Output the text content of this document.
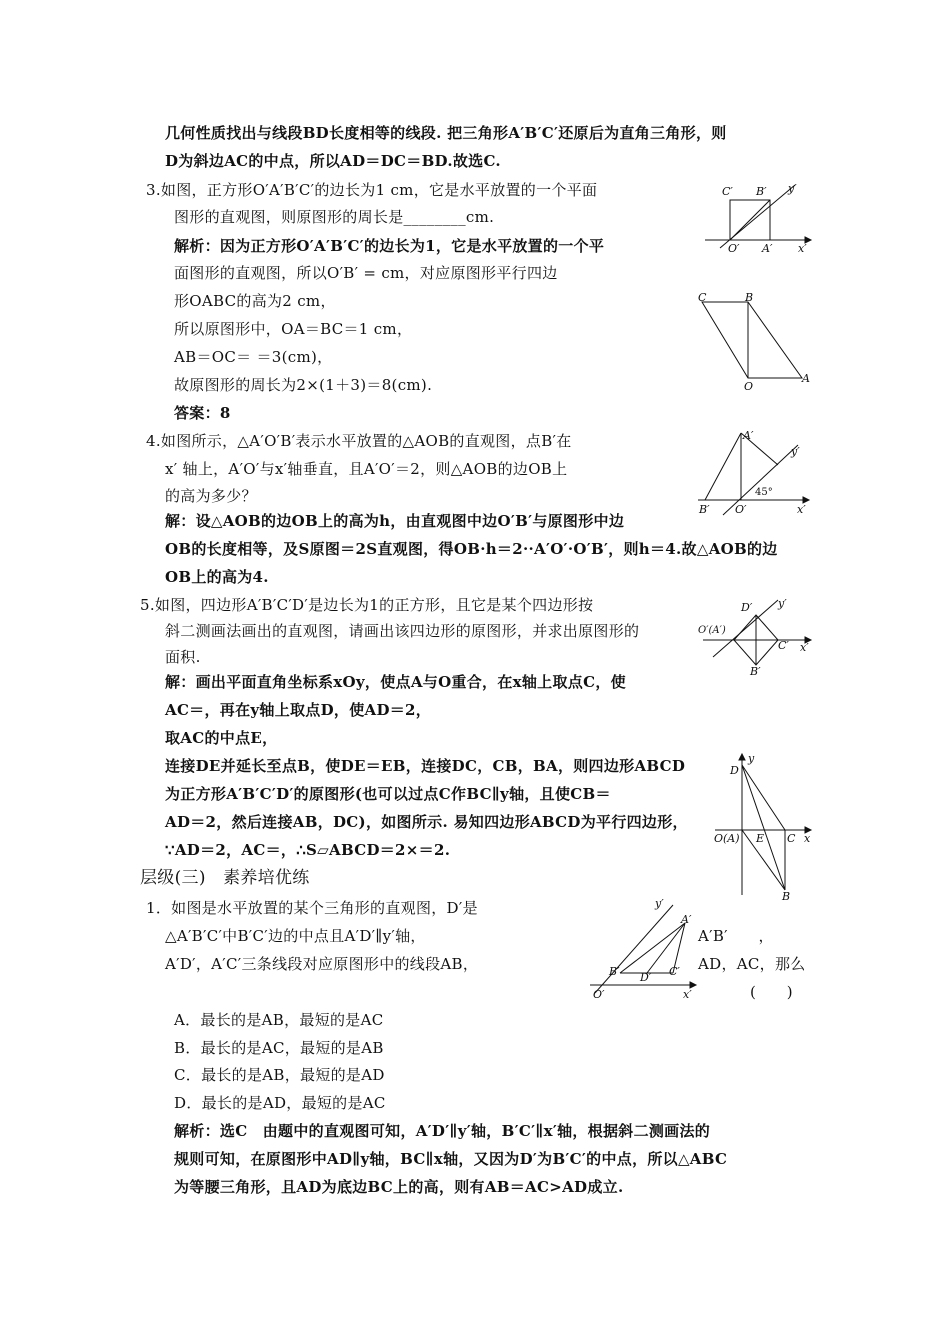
几何性质找出与线段BD长度相等的线段. 把三角形A′B′C′还原后为直角三角形，则
D为斜边AC的中点，所以AD＝DC＝BD.故选C.
3.如图，正方形O′A′B′C′的边长为1 cm，它是水平放置的一个平面
图形的直观图，则原图形的周长是________cm.
解析：因为正方形O′A′B′C′的边长为1，它是水平放置的一个平
面图形的直观图，所以O′B′ = cm，对应原图形平行四边
形OABC的高为2 cm，
所以原图形中，OA＝BC＝1 cm，
AB＝OC＝ ＝3(cm)，
故原图形的周长为2×(1＋3)＝8(cm).
答案：8
C′ B′ y′
O′ A′ x′
C	B
O
A
4.如图所示，△A′O′B′表示水平放置的△AOB的直观图，点B′在
x′ 轴上，A′O′与x′轴垂直，且A′O′＝2，则△AOB的边OB上
的高为多少？
解：设△AOB的边OB上的高为h，由直观图中边O′B′与原图形中边
OB的长度相等，及S原图＝2S直观图，得OB·h＝2··A′O′·O′B′，则h＝4.故△AOB的边
OB上的高为4.
A′
y′
45°
B′ O′	x′
5.如图，四边形A′B′C′D′是边长为1的正方形，且它是某个四边形按
斜二测画法画出的直观图，请画出该四边形的原图形，并求出原图形的
面积.
解：画出平面直角坐标系xOy，使点A与O重合，在x轴上取点C，使
AC＝，再在y轴上取点D，使AD＝2，
取AC的中点E，
连接DE并延长至点B，使DE＝EB，连接DC，CB，BA，则四边形ABCD
为正方形A′B′C′D′的原图形(也可以过点C作BC∥y轴，且使CB＝
AD＝2，然后连接AB，DC)，如图所示. 易知四边形ABCD为平行四边形，
∵AD＝2，AC＝，∴S▱ABCD＝2×＝2.
D′ y′
O′(A′)
C′ x′
B′
y
D
O(A) E C x
B
层级(三)　素养培优练
1．如图是水平放置的某个三角形的直观图，D′是
△A′B′C′中B′C′边的中点且A′D′∥y′轴，	A′B′　　，
A′D′，A′C′三条线段对应原图形中的线段AB，	AD，AC，那么
(　　)
A．最长的是AB，最短的是AC
B．最长的是AC，最短的是AB
C．最长的是AB，最短的是AD
D．最长的是AD，最短的是AC
解析：选C　由题中的直观图可知，A′D′∥y′轴，B′C′∥x′轴，根据斜二测画法的
规则可知，在原图形中AD∥y轴，BC∥x轴，又因为D′为B′C′的中点，所以△ABC
为等腰三角形，且AD为底边BC上的高，则有AB＝AC>AD成立.
y′
A′
B′ D′ C′
O′	x′
